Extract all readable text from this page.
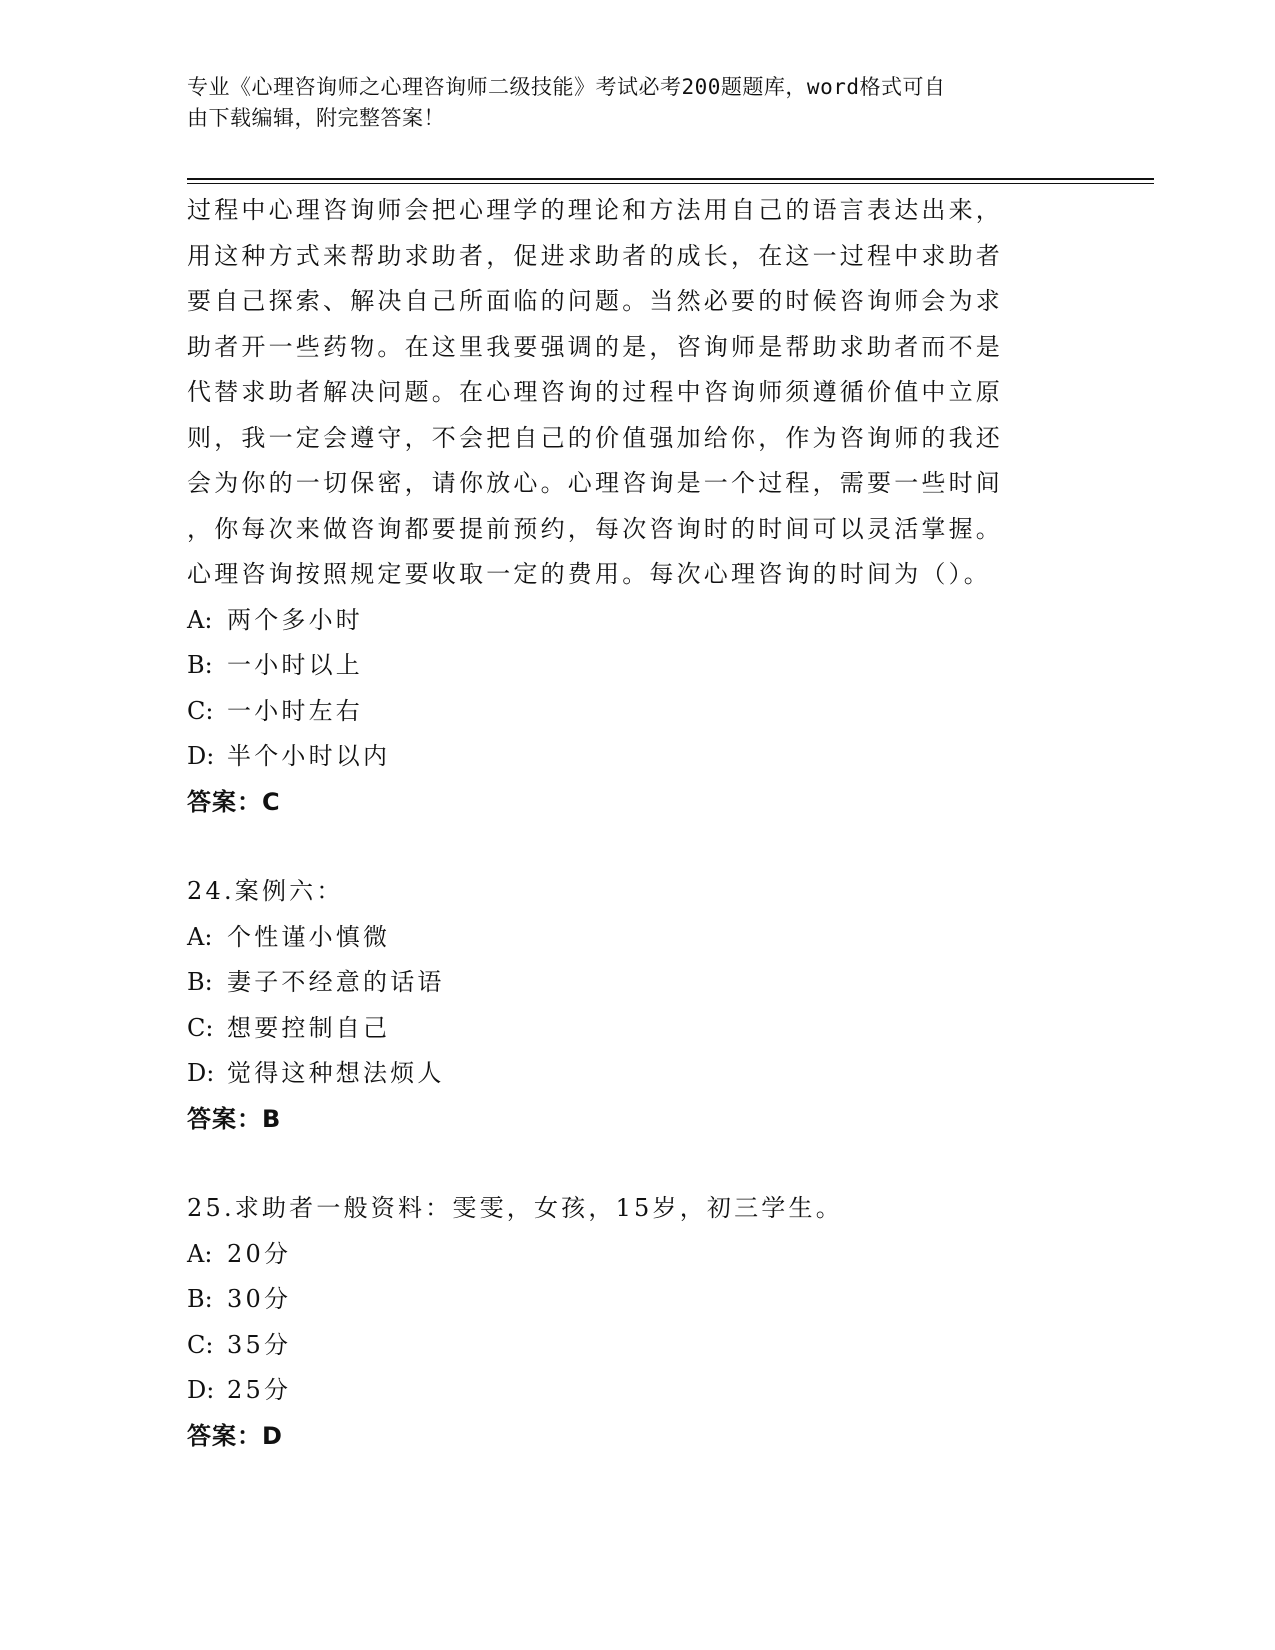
专业《心理咨询师之心理咨询师二级技能》考试必考200题题库，word格式可自
由下载编辑，附完整答案！
过程中心理咨询师会把心理学的理论和方法用自己的语言表达出来，
用这种方式来帮助求助者，促进求助者的成长，在这一过程中求助者
要自己探索、解决自己所面临的问题。当然必要的时候咨询师会为求
助者开一些药物。在这里我要强调的是，咨询师是帮助求助者而不是
代替求助者解决问题。在心理咨询的过程中咨询师须遵循价值中立原
则，我一定会遵守，不会把自己的价值强加给你，作为咨询师的我还
会为你的一切保密，请你放心。心理咨询是一个过程，需要一些时间
，你每次来做咨询都要提前预约，每次咨询时的时间可以灵活掌握。
心理咨询按照规定要收取一定的费用。每次心理咨询的时间为（）。
A: 两个多小时
B: 一小时以上
C: 一小时左右
D: 半个小时以内
答案：C
24.案例六：
A: 个性谨小慎微
B: 妻子不经意的话语
C: 想要控制自己
D: 觉得这种想法烦人
答案：B
25.求助者一般资料：雯雯，女孩，15岁，初三学生。
A: 20分
B: 30分
C: 35分
D: 25分
答案：D
